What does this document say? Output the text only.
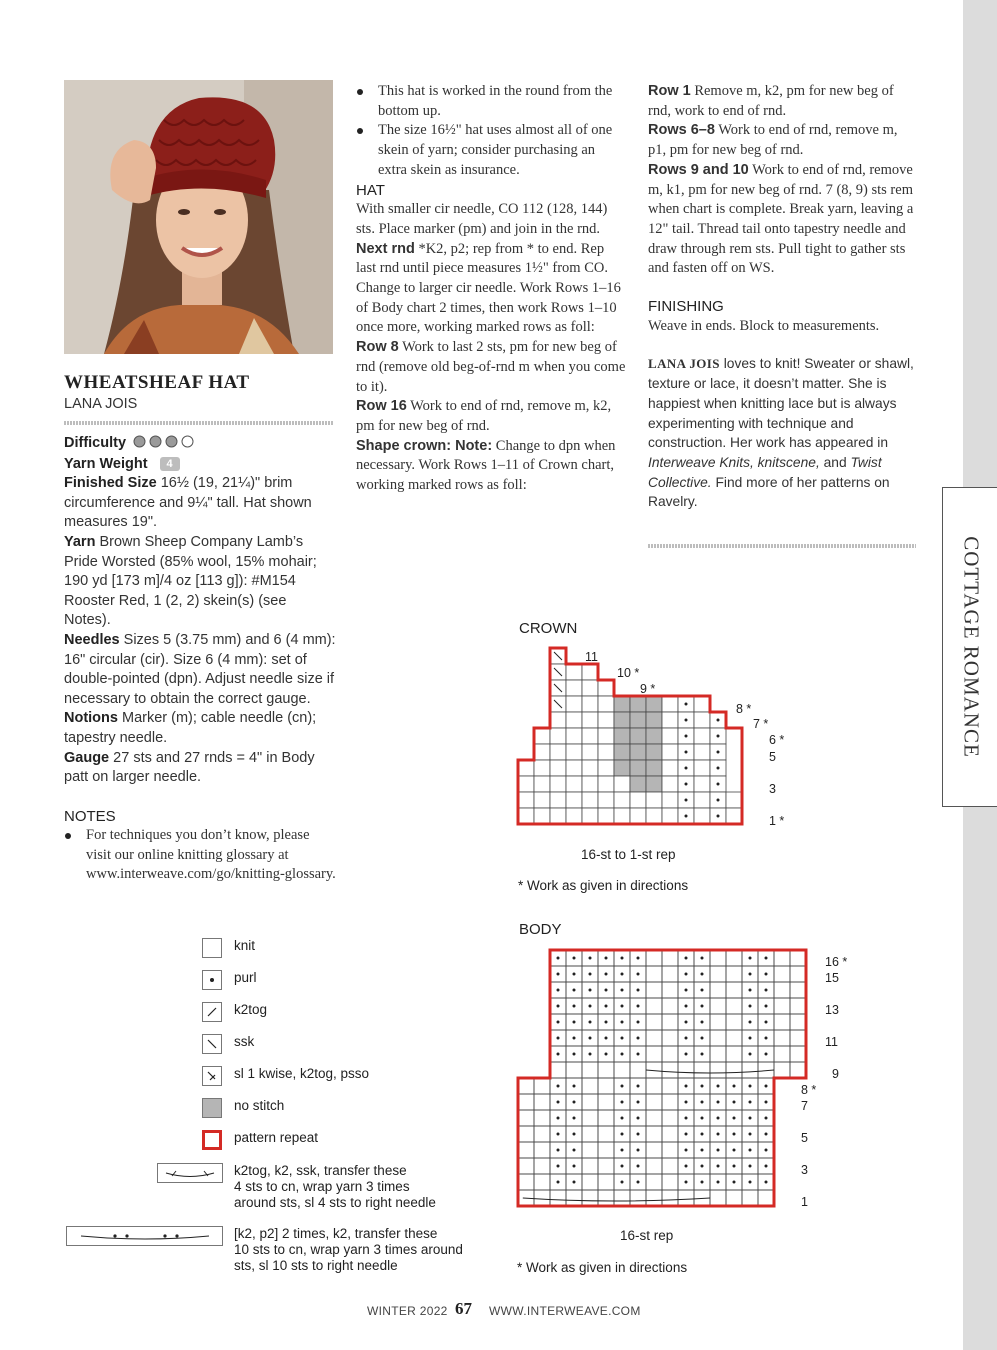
COTTAGE ROMANCE
WHEATSHEAF HAT
LANA JOIS

Difficulty

Yarn Weight 4

Finished Size 16½ (19, 21¼)" brim circumference and 9¼" tall. Hat shown measures 19".

Yarn Brown Sheep Company Lamb’s Pride Worsted (85% wool, 15% mohair; 190 yd [173 m]/4 oz [113 g]): #M154 Rooster Red, 1 (2, 2) skein(s) (see Notes).

Needles Sizes 5 (3.75 mm) and 6 (4 mm): 16" circular (cir). Size 6 (4 mm): set of double-pointed (dpn). Adjust needle size if necessary to obtain the correct gauge.

Notions Marker (m); cable needle (cn); tapestry needle.

Gauge 27 sts and 27 rnds = 4" in Body patt on larger needle.

NOTES

For techniques you don’t know, please visit our online knitting glossary at www.interweave.com/go/knitting-glossary.

This hat is worked in the round from the bottom up.

The size 16½" hat uses almost all of one skein of yarn; consider purchasing an extra skein as insurance.

HAT

With smaller cir needle, CO 112 (128, 144) sts. Place marker (pm) and join in the rnd. Next rnd *K2, p2; rep from * to end. Rep last rnd until piece measures 1½" from CO. Change to larger cir needle. Work Rows 1–16 of Body chart 2 times, then work Rows 1–10 once more, working marked rows as foll:

Row 8 Work to last 2 sts, pm for new beg of rnd (remove old beg-of-rnd m when you come to it).

Row 16 Work to end of rnd, remove m, k2, pm for new beg of rnd.

Shape crown: Note: Change to dpn when necessary. Work Rows 1–11 of Crown chart, working marked rows as foll:

Row 1 Remove m, k2, pm for new beg of rnd, work to end of rnd.

Rows 6–8 Work to end of rnd, remove m, p1, pm for new beg of rnd.

Rows 9 and 10 Work to end of rnd, remove m, k1, pm for new beg of rnd. 7 (8, 9) sts rem when chart is complete. Break yarn, leaving a 12" tail. Thread tail onto tapestry needle and draw through rem sts. Pull tight to gather sts and fasten off on WS.

FINISHING

Weave in ends. Block to measurements.

LANA JOIS loves to knit! Sweater or shawl, texture or lace, it doesn’t matter. She is happiest when knitting lace but is always experimenting with technique and construction. Her work has appeared in Interweave Knits, knitscene, and Twist Collective. Find more of her patterns on Ravelry.

CROWN
11
10 *
9 *
8 *
7 *
6 *
5
3
1 *
16-st to 1-st rep
* Work as given in directions
BODY
16 *
15
13
11
9
8 *
7
5
3
1
16-st rep
* Work as given in directions
knit
purl
k2tog
ssk
sl 1 kwise, k2tog, psso
no stitch
pattern repeat
k2tog, k2, ssk, transfer these
4 sts to cn, wrap yarn 3 times
around sts, sl 4 sts to right needle
[k2, p2] 2 times, k2, transfer these
10 sts to cn, wrap yarn 3 times around
sts, sl 10 sts to right needle
WINTER 2022 67 WWW.INTERWEAVE.COM
